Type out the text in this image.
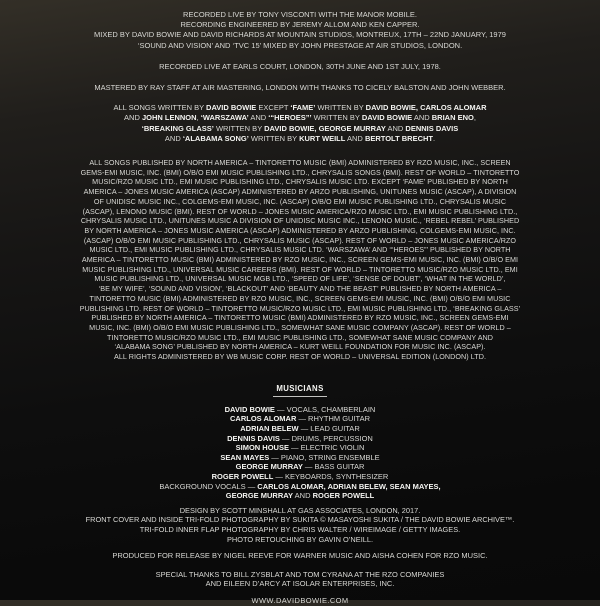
RECORDED LIVE BY TONY VISCONTI WITH THE MANOR MOBILE.
RECORDING ENGINEERED BY JEREMY ALLOM AND KEN CAPPER.
MIXED BY DAVID BOWIE AND DAVID RICHARDS AT MOUNTAIN STUDIOS, MONTREUX, 17TH – 22ND JANUARY, 1979
‘SOUND AND VISION’ AND ‘TVC 15’ MIXED BY JOHN PRESTAGE AT AIR STUDIOS, LONDON.
RECORDED LIVE AT EARLS COURT, LONDON, 30TH JUNE AND 1ST JULY, 1978.
MASTERED BY RAY STAFF AT AIR MASTERING, LONDON WITH THANKS TO CICELY BALSTON AND JOHN WEBBER.
ALL SONGS WRITTEN BY DAVID BOWIE EXCEPT ‘FAME’ WRITTEN BY DAVID BOWIE, CARLOS ALOMAR
AND JOHN LENNON, ‘WARSZAWA’ AND ‘“HEROES”’ WRITTEN BY DAVID BOWIE AND BRIAN ENO,
‘BREAKING GLASS’ WRITTEN BY DAVID BOWIE, GEORGE MURRAY AND DENNIS DAVIS
AND ‘ALABAMA SONG’ WRITTEN BY KURT WEILL AND BERTOLT BRECHT.
ALL SONGS PUBLISHED BY NORTH AMERICA – TINTORETTO MUSIC (BMI) ADMINISTERED BY RZO MUSIC, INC., SCREEN
GEMS-EMI MUSIC, INC. (BMI) O/B/O EMI MUSIC PUBLISHING LTD., CHRYSALIS SONGS (BMI). REST OF WORLD – TINTORETTO
MUSIC/RZO MUSIC LTD., EMI MUSIC PUBLISHING LTD., CHRYSALIS MUSIC LTD. EXCEPT ‘FAME’ PUBLISHED BY NORTH
AMERICA – JONES MUSIC AMERICA (ASCAP) ADMINISTERED BY ARZO PUBLISHING, UNITUNES MUSIC (ASCAP), A DIVISION
OF UNIDISC MUSIC INC., COLGEMS-EMI MUSIC, INC. (ASCAP) O/B/O EMI MUSIC PUBLISHING LTD., CHRYSALIS MUSIC
(ASCAP), LENONO MUSIC (BMI). REST OF WORLD – JONES MUSIC AMERICA/RZO MUSIC LTD., EMI MUSIC PUBLISHING LTD.,
CHRYSALIS MUSIC LTD., UNITUNES MUSIC A DIVISION OF UNIDISC MUSIC INC., LENONO MUSIC., ‘REBEL REBEL’ PUBLISHED
BY NORTH AMERICA – JONES MUSIC AMERICA (ASCAP) ADMINISTERED BY ARZO PUBLISHING, COLGEMS-EMI MUSIC, INC.
(ASCAP) O/B/O EMI MUSIC PUBLISHING LTD., CHRYSALIS MUSIC (ASCAP). REST OF WORLD – JONES MUSIC AMERICA/RZO
MUSIC LTD., EMI MUSIC PUBLISHING LTD., CHRYSALIS MUSIC LTD. ‘WARSZAWA’ AND ‘“HEROES”’ PUBLISHED BY NORTH
AMERICA – TINTORETTO MUSIC (BMI) ADMINISTERED BY RZO MUSIC, INC., SCREEN GEMS-EMI MUSIC, INC. (BMI) O/B/O EMI
MUSIC PUBLISHING LTD., UNIVERSAL MUSIC CAREERS (BMI). REST OF WORLD – TINTORETTO MUSIC/RZO MUSIC LTD., EMI
MUSIC PUBLISHING LTD., UNIVERSAL MUSIC MGB LTD., ‘SPEED OF LIFE’, ‘SENSE OF DOUBT’, ‘WHAT IN THE WORLD’,
‘BE MY WIFE’, ‘SOUND AND VISION’, ‘BLACKOUT’ AND ‘BEAUTY AND THE BEAST’ PUBLISHED BY NORTH AMERICA –
TINTORETTO MUSIC (BMI) ADMINISTERED BY RZO MUSIC, INC., SCREEN GEMS-EMI MUSIC, INC. (BMI) O/B/O EMI MUSIC
PUBLISHING LTD. REST OF WORLD – TINTORETTO MUSIC/RZO MUSIC LTD., EMI MUSIC PUBLISHING LTD., ‘BREAKING GLASS’
PUBLISHED BY NORTH AMERICA – TINTORETTO MUSIC (BMI) ADMINISTERED BY RZO MUSIC, INC., SCREEN GEMS-EMI
MUSIC, INC. (BMI) O/B/O EMI MUSIC PUBLISHING LTD., SOMEWHAT SANE MUSIC COMPANY (ASCAP). REST OF WORLD –
TINTORETTO MUSIC/RZO MUSIC LTD., EMI MUSIC PUBLISHING LTD., SOMEWHAT SANE MUSIC COMPANY AND
‘ALABAMA SONG’ PUBLISHED BY NORTH AMERICA – KURT WEILL FOUNDATION FOR MUSIC INC. (ASCAP).
ALL RIGHTS ADMINISTERED BY WB MUSIC CORP. REST OF WORLD – UNIVERSAL EDITION (LONDON) LTD.
MUSICIANS
DAVID BOWIE — VOCALS, CHAMBERLAIN
CARLOS ALOMAR — RHYTHM GUITAR
ADRIAN BELEW — LEAD GUITAR
DENNIS DAVIS — DRUMS, PERCUSSION
SIMON HOUSE — ELECTRIC VIOLIN
SEAN MAYES — PIANO, STRING ENSEMBLE
GEORGE MURRAY — BASS GUITAR
ROGER POWELL — KEYBOARDS, SYNTHESIZER
BACKGROUND VOCALS — CARLOS ALOMAR, ADRIAN BELEW, SEAN MAYES,
GEORGE MURRAY AND ROGER POWELL
DESIGN BY SCOTT MINSHALL AT GAS ASSOCIATES, LONDON, 2017.
FRONT COVER AND INSIDE TRI-FOLD PHOTOGRAPHY BY SUKITA © MASAYOSHI SUKITA / THE DAVID BOWIE ARCHIVE™.
TRI-FOLD INNER FLAP PHOTOGRAPHY BY CHRIS WALTER / WIREIMAGE / GETTY IMAGES.
PHOTO RETOUCHING BY GAVIN O’NEILL.
PRODUCED FOR RELEASE BY NIGEL REEVE FOR WARNER MUSIC AND AISHA COHEN FOR RZO MUSIC.
SPECIAL THANKS TO BILL ZYSBLAT AND TOM CYRANA AT THE RZO COMPANIES
AND EILEEN D’ARCY AT ISOLAR ENTERPRISES, INC.
WWW.DAVIDBOWIE.COM
